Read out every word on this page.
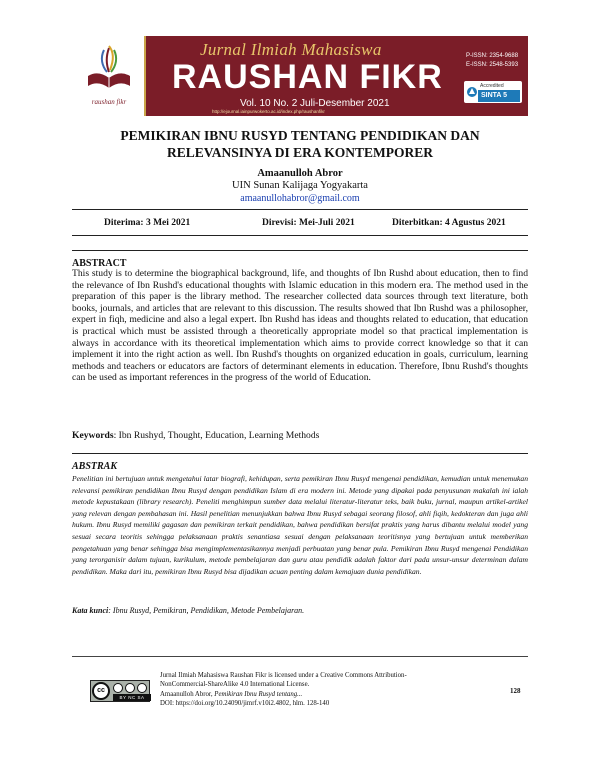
raushan fikr
Jurnal Ilmiah Mahasiswa
RAUSHAN FIKR
Vol. 10 No. 2 Juli-Desember 2021
http://ejournal.iainpurwokerto.ac.id/index.php/raushanfikr
P-ISSN: 2354-9688
E-ISSN: 2548-5393
Accredited
SINTA 5
PEMIKIRAN IBNU RUSYD TENTANG PENDIDIKAN DAN
RELEVANSINYA DI ERA KONTEMPORER
Amaanulloh Abror
UIN Sunan Kalijaga Yogyakarta
amaanullohabror@gmail.com
Diterima: 3 Mei 2021	Direvisi: Mei-Juli 2021	Diterbitkan: 4 Agustus 2021
ABSTRACT
This study is to determine the biographical background, life, and thoughts of Ibn Rushd about education, then to find the relevance of Ibn Rushd's educational thoughts with Islamic education in this modern era. The method used in the preparation of this paper is the library method. The researcher collected data sources through text literature, both books, journals, and articles that are relevant to this discussion. The results showed that Ibn Rushd was a philosopher, expert in fiqh, medicine and also a legal expert. Ibn Rushd has ideas and thoughts related to education, that education is practical which must be assisted through a theoretically appropriate model so that practical implementation is always in accordance with its theoretical implementation which aims to provide correct knowledge so that it can implement it into the right action as well. Ibn Rushd's thoughts on organized education in goals, curriculum, learning methods and teachers or educators are factors of determinant elements in education. Therefore, Ibnu Rushd's thoughts can be used as important references in the progress of the world of Education.
Keywords: Ibn Rushyd, Thought, Education, Learning Methods
ABSTRAK
Penelitian ini bertujuan untuk mengetahui latar biografi, kehidupan, serta pemikiran Ibnu Rusyd mengenai pendidikan, kemudian untuk menemukan relevansi pemikiran pendidikan Ibnu Rusyd dengan pendidikan Islam di era modern ini. Metode yang dipakai pada penyusunan makalah ini ialah metode kepustakaan (library research). Peneliti menghimpun sumber data melalui literatur-literatur teks, baik buku, jurnal, maupun artikel-artikel yang relevan dengan pembahasan ini. Hasil penelitian menunjukkan bahwa Ibnu Rusyd sebagai seorang filosof, ahli fiqih, kedokteran dan juga ahli hukum. Ibnu Rusyd memiliki gagasan dan pemikiran terkait pendidikan, bahwa pendidikan bersifat praktis yang harus dibantu melalui model yang sesuai secara teoritis sehingga pelaksanaan praktis senantiasa sesuai dengan pelaksanaan teoritisnya yang bertujuan untuk memberikan pengetahuan yang benar sehingga bisa mengimplementasikannya menjadi perbuatan yang benar pula. Pemikiran Ibnu Rusyd mengenai Pendidikan yang terorganisir dalam tujuan, kurikulum, metode pembelajaran dan guru atau pendidik adalah faktor dari pada unsur-unsur determinan dalam pendidikan. Maka dari itu, pemikiran Ibnu Rusyd bisa dijadikan acuan penting dalam kemajuan dunia pendidikan.
Kata kunci: Ibnu Rusyd, Pemikiran, Pendidikan, Metode Pembelajaran.
cc
BY NC SA
Jurnal Ilmiah Mahasiswa Raushan Fikr is licensed under a Creative Commons Attribution-
NonCommercial-ShareAlike 4.0 International License.
Amaanulloh Abror, Pemikiran Ibnu Rusyd tentang...
DOI: https://doi.org/10.24090/jimrf.v10i2.4802, hlm. 128-140
128
